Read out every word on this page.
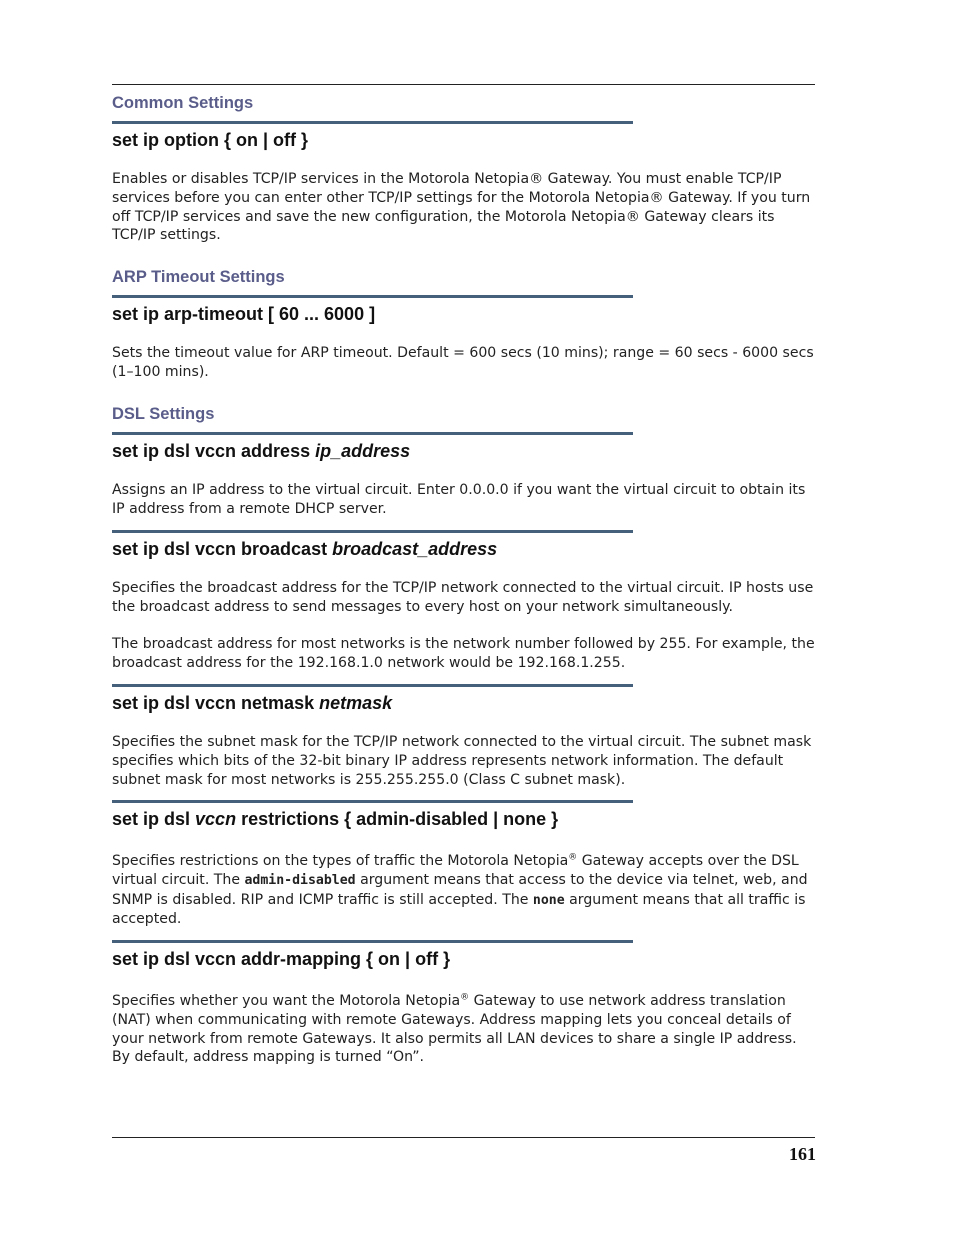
Common Settings
set ip option { on | off }

Enables or disables TCP/IP services in the Motorola Netopia® Gateway. You must enable TCP/IP services before you can enter other TCP/IP settings for the Motorola Netopia® Gateway. If you turn off TCP/IP services and save the new configuration, the Motorola Netopia® Gateway clears its TCP/IP settings.

ARP Timeout Settings
set ip arp-timeout [ 60 ... 6000 ]

Sets the timeout value for ARP timeout. Default = 600 secs (10 mins); range = 60 secs - 6000 secs (1–100 mins).

DSL Settings
set ip dsl vccn address ip_address

Assigns an IP address to the virtual circuit. Enter 0.0.0.0 if you want the virtual circuit to obtain its IP address from a remote DHCP server.

set ip dsl vccn broadcast broadcast_address

Specifies the broadcast address for the TCP/IP network connected to the virtual circuit. IP hosts use the broadcast address to send messages to every host on your network simultaneously.

The broadcast address for most networks is the network number followed by 255. For example, the broadcast address for the 192.168.1.0 network would be 192.168.1.255.

set ip dsl vccn netmask netmask

Specifies the subnet mask for the TCP/IP network connected to the virtual circuit. The subnet mask specifies which bits of the 32-bit binary IP address represents network information. The default subnet mask for most networks is 255.255.255.0 (Class C subnet mask).

set ip dsl vccn restrictions { admin-disabled | none }

Specifies restrictions on the types of traffic the Motorola Netopia® Gateway accepts over the DSL virtual circuit. The admin-disabled argument means that access to the device via telnet, web, and SNMP is disabled. RIP and ICMP traffic is still accepted. The none argument means that all traffic is accepted.

set ip dsl vccn addr-mapping { on | off }

Specifies whether you want the Motorola Netopia® Gateway to use network address translation (NAT) when communicating with remote Gateways. Address mapping lets you conceal details of your network from remote Gateways. It also permits all LAN devices to share a single IP address. By default, address mapping is turned “On”.

161
